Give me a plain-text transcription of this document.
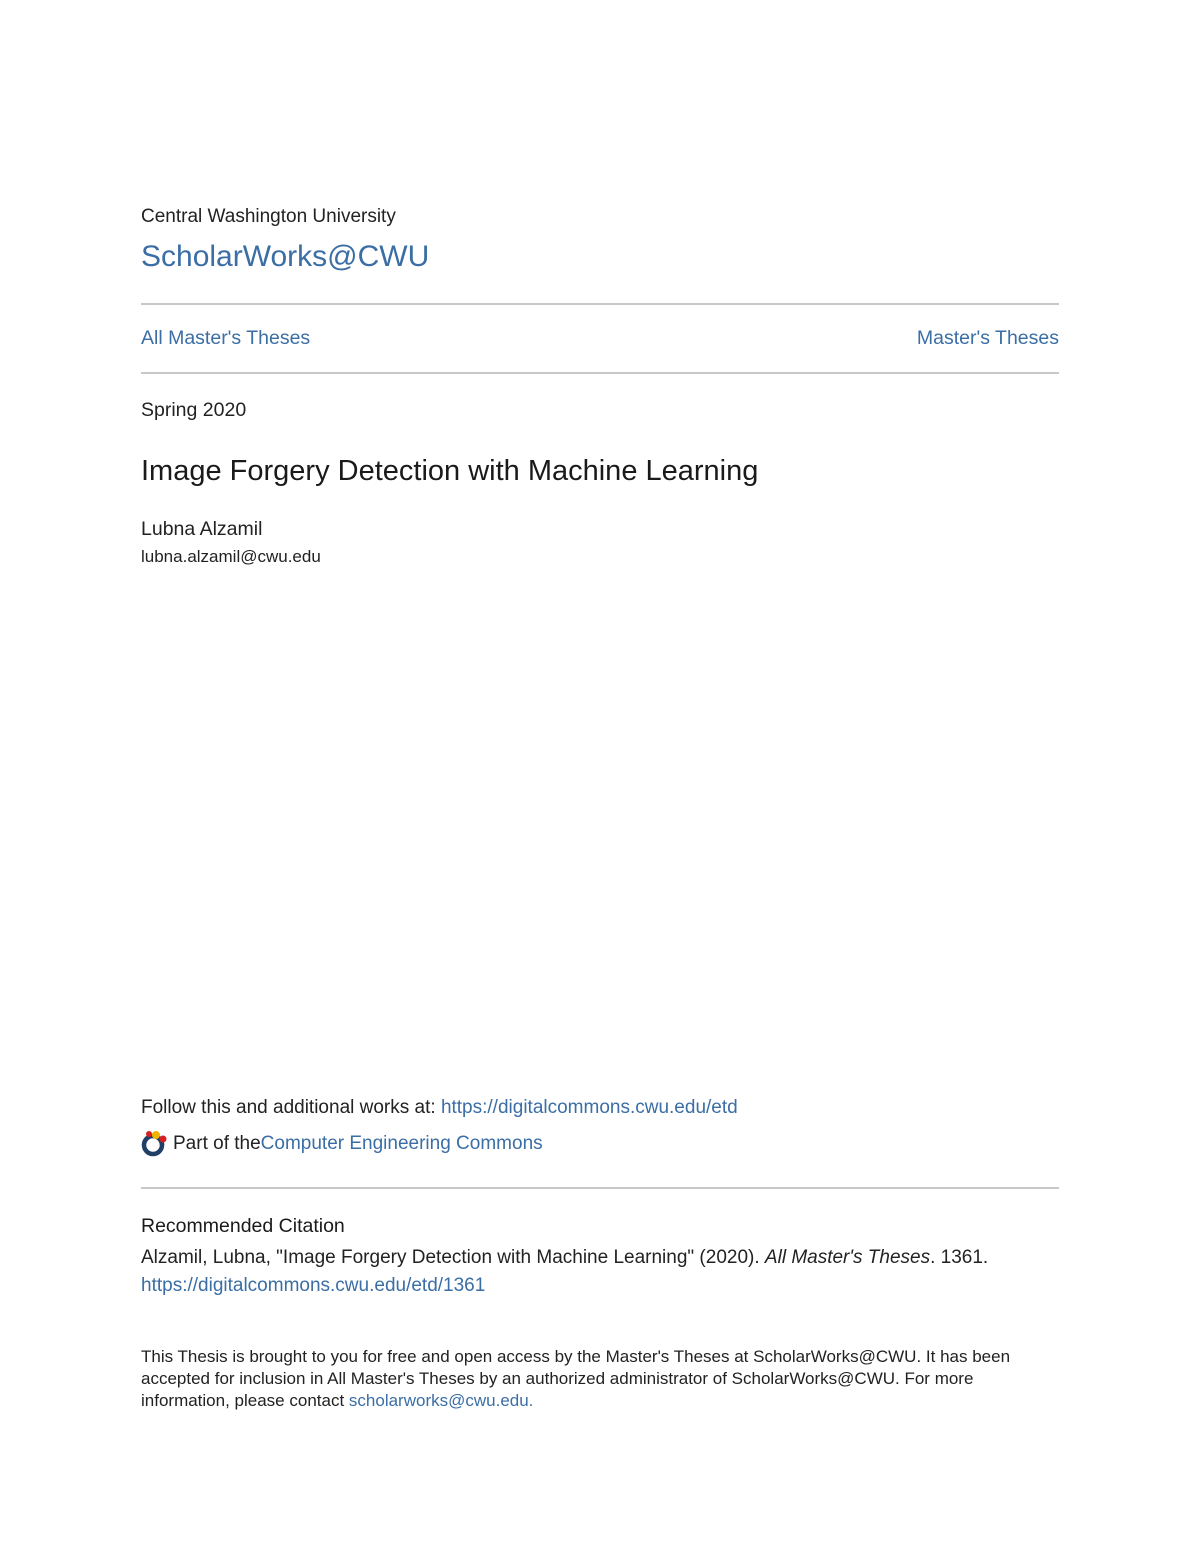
Central Washington University
ScholarWorks@CWU
All Master's Theses	Master's Theses
Spring 2020
Image Forgery Detection with Machine Learning
Lubna Alzamil
lubna.alzamil@cwu.edu
Follow this and additional works at: https://digitalcommons.cwu.edu/etd
Part of the Computer Engineering Commons
Recommended Citation
Alzamil, Lubna, "Image Forgery Detection with Machine Learning" (2020). All Master's Theses. 1361.
https://digitalcommons.cwu.edu/etd/1361
This Thesis is brought to you for free and open access by the Master's Theses at ScholarWorks@CWU. It has been accepted for inclusion in All Master's Theses by an authorized administrator of ScholarWorks@CWU. For more information, please contact scholarworks@cwu.edu.
